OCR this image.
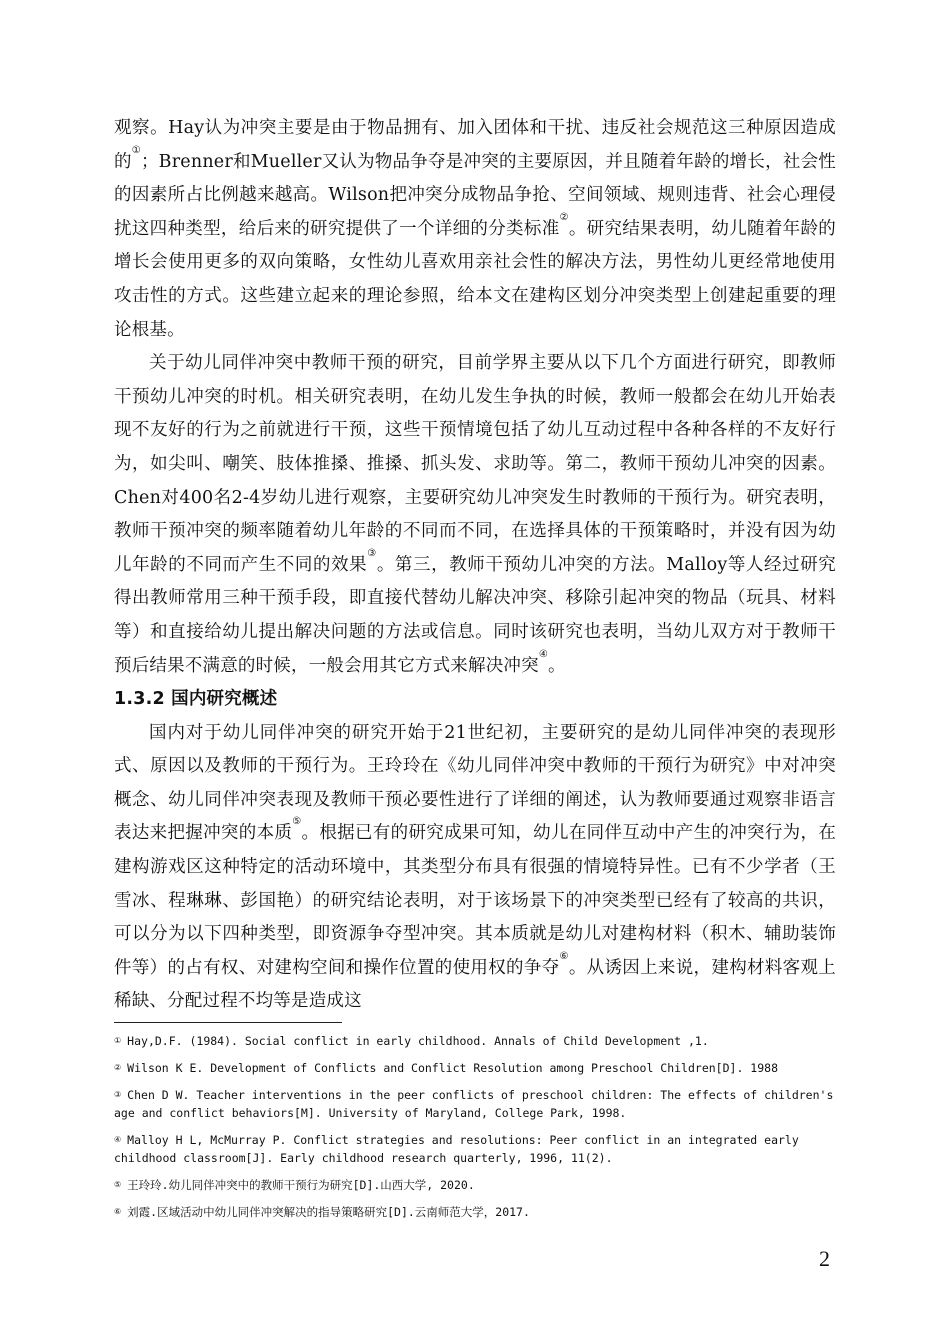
观察。Hay认为冲突主要是由于物品拥有、加入团体和干扰、违反社会规范这三种原因造成的①；Brenner和Mueller又认为物品争夺是冲突的主要原因，并且随着年龄的增长，社会性的因素所占比例越来越高。Wilson把冲突分成物品争抢、空间领域、规则违背、社会心理侵扰这四种类型，给后来的研究提供了一个详细的分类标准②。研究结果表明，幼儿随着年龄的增长会使用更多的双向策略，女性幼儿喜欢用亲社会性的解决方法，男性幼儿更经常地使用攻击性的方式。这些建立起来的理论参照，给本文在建构区划分冲突类型上创建起重要的理论根基。

关于幼儿同伴冲突中教师干预的研究，目前学界主要从以下几个方面进行研究，即教师干预幼儿冲突的时机。相关研究表明，在幼儿发生争执的时候，教师一般都会在幼儿开始表现不友好的行为之前就进行干预，这些干预情境包括了幼儿互动过程中各种各样的不友好行为，如尖叫、嘲笑、肢体推搡、推搡、抓头发、求助等。第二，教师干预幼儿冲突的因素。Chen对400名2-4岁幼儿进行观察，主要研究幼儿冲突发生时教师的干预行为。研究表明，教师干预冲突的频率随着幼儿年龄的不同而不同，在选择具体的干预策略时，并没有因为幼儿年龄的不同而产生不同的效果③。第三，教师干预幼儿冲突的方法。Malloy等人经过研究得出教师常用三种干预手段，即直接代替幼儿解决冲突、移除引起冲突的物品（玩具、材料等）和直接给幼儿提出解决问题的方法或信息。同时该研究也表明，当幼儿双方对于教师干预后结果不满意的时候，一般会用其它方式来解决冲突④。

1.3.2 国内研究概述

国内对于幼儿同伴冲突的研究开始于21世纪初，主要研究的是幼儿同伴冲突的表现形式、原因以及教师的干预行为。王玲玲在《幼儿同伴冲突中教师的干预行为研究》中对冲突概念、幼儿同伴冲突表现及教师干预必要性进行了详细的阐述，认为教师要通过观察非语言表达来把握冲突的本质⑤。根据已有的研究成果可知，幼儿在同伴互动中产生的冲突行为，在建构游戏区这种特定的活动环境中，其类型分布具有很强的情境特异性。已有不少学者（王雪冰、程琳琳、彭国艳）的研究结论表明，对于该场景下的冲突类型已经有了较高的共识，可以分为以下四种类型，即资源争夺型冲突。其本质就是幼儿对建构材料（积木、辅助装饰件等）的占有权、对建构空间和操作位置的使用权的争夺⑥。从诱因上来说，建构材料客观上稀缺、分配过程不均等是造成这

① Hay,D.F. (1984). Social conflict in early childhood. Annals of Child Development ,1.
② Wilson K E. Development of Conflicts and Conflict Resolution among Preschool Children[D]. 1988
③ Chen D W. Teacher interventions in the peer conflicts of preschool children: The effects of children's age and conflict behaviors[M]. University of Maryland, College Park, 1998.
④ Malloy H L, McMurray P. Conflict strategies and resolutions: Peer conflict in an integrated early childhood classroom[J]. Early childhood research quarterly, 1996, 11(2).
⑤ 王玲玲.幼儿同伴冲突中的教师干预行为研究[D].山西大学, 2020.
⑥ 刘霞.区域活动中幼儿同伴冲突解决的指导策略研究[D].云南师范大学，2017.
2
